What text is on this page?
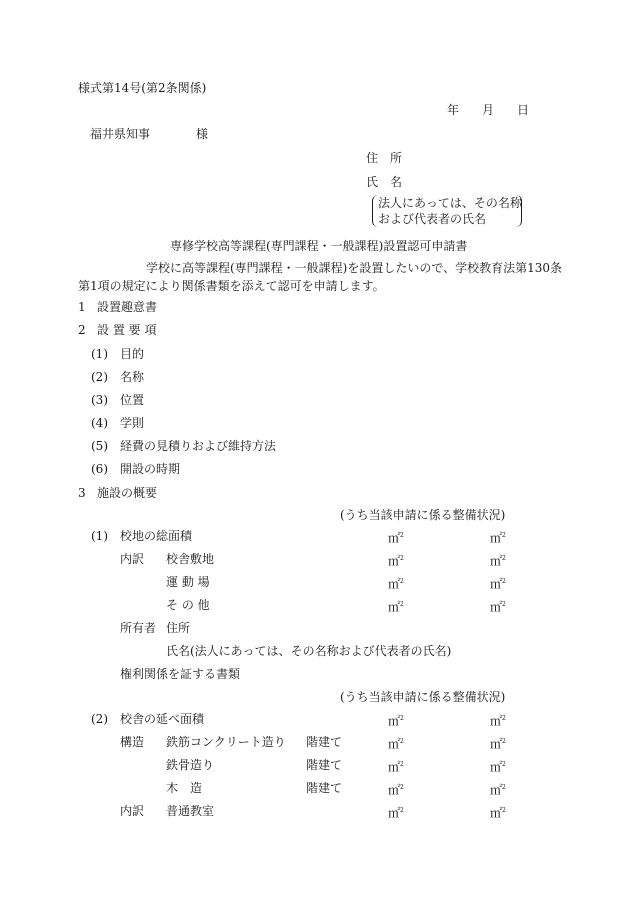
様式第14号(第2条関係)
年 月 日
福井県知事	様
住　所
氏　名
法人にあっては、その名称
および代表者の氏名
専修学校高等課程(専門課程・一般課程)設置認可申請書
学校に高等課程(専門課程・一般課程)を設置したいので、学校教育法第130条
第1項の規定により関係書類を添えて認可を申請します。
1 設置趣意書
2 設 置 要 項
(1) 目的
(2) 名称
(3) 位置
(4) 学則
(5) 経費の見積りおよび維持方法
(6) 開設の時期
3 施設の概要
(うち当該申請に係る整備状況)
(1) 校地の総面積	㎡$^2$	㎡$^2$
内訳 校舎敷地	㎡$^2$	㎡$^2$
運 動 場	㎡$^2$	㎡$^2$
そ の 他	㎡$^2$	㎡$^2$
所有者 住所
氏名(法人にあっては、その名称および代表者の氏名)
権利関係を証する書類
(うち当該申請に係る整備状況)
(2) 校舎の延べ面積	㎡$^2$	㎡$^2$
構造 鉄筋コンクリート造り 階建て	㎡$^2$	㎡$^2$
鉄骨造り	階建て	㎡$^2$	㎡$^2$
木　造	階建て	㎡$^2$	㎡$^2$
内訳 普通教室	㎡$^2$	㎡$^2$
